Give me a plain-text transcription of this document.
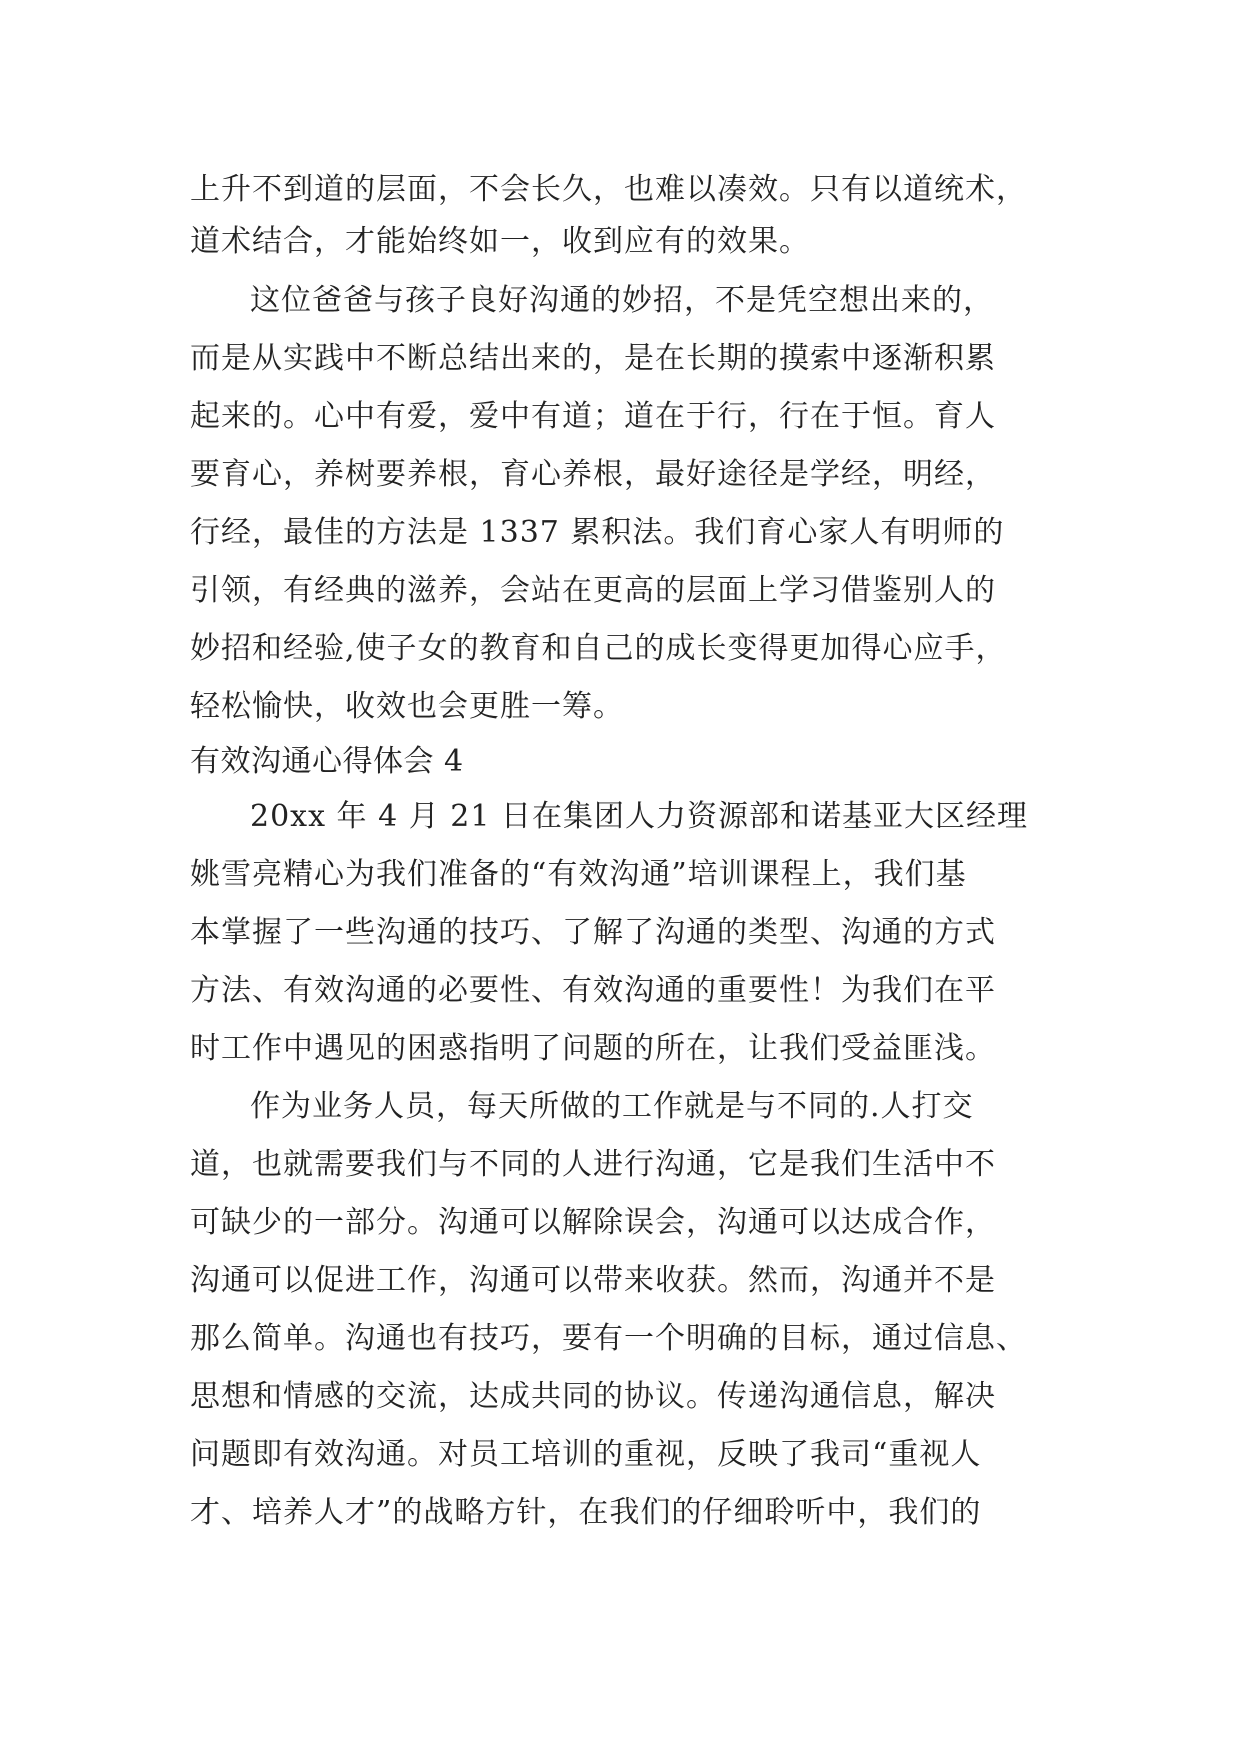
上升不到道的层面，不会长久，也难以凑效。只有以道统术，
道术结合，才能始终如一，收到应有的效果。
这位爸爸与孩子良好沟通的妙招，不是凭空想出来的，
而是从实践中不断总结出来的，是在长期的摸索中逐渐积累
起来的。心中有爱，爱中有道；道在于行，行在于恒。育人
要育心，养树要养根，育心养根，最好途径是学经，明经，
行经，最佳的方法是 1337 累积法。我们育心家人有明师的
引领，有经典的滋养，会站在更高的层面上学习借鉴别人的
妙招和经验,使子女的教育和自己的成长变得更加得心应手，
轻松愉快，收效也会更胜一筹。
有效沟通心得体会 4
20xx 年 4 月 21 日在集团人力资源部和诺基亚大区经理
姚雪亮精心为我们准备的“有效沟通”培训课程上，我们基
本掌握了一些沟通的技巧、了解了沟通的类型、沟通的方式
方法、有效沟通的必要性、有效沟通的重要性！为我们在平
时工作中遇见的困惑指明了问题的所在，让我们受益匪浅。
作为业务人员，每天所做的工作就是与不同的.人打交
道，也就需要我们与不同的人进行沟通，它是我们生活中不
可缺少的一部分。沟通可以解除误会，沟通可以达成合作，
沟通可以促进工作，沟通可以带来收获。然而，沟通并不是
那么简单。沟通也有技巧，要有一个明确的目标，通过信息、
思想和情感的交流，达成共同的协议。传递沟通信息，解决
问题即有效沟通。对员工培训的重视，反映了我司“重视人
才、培养人才”的战略方针，在我们的仔细聆听中，我们的
